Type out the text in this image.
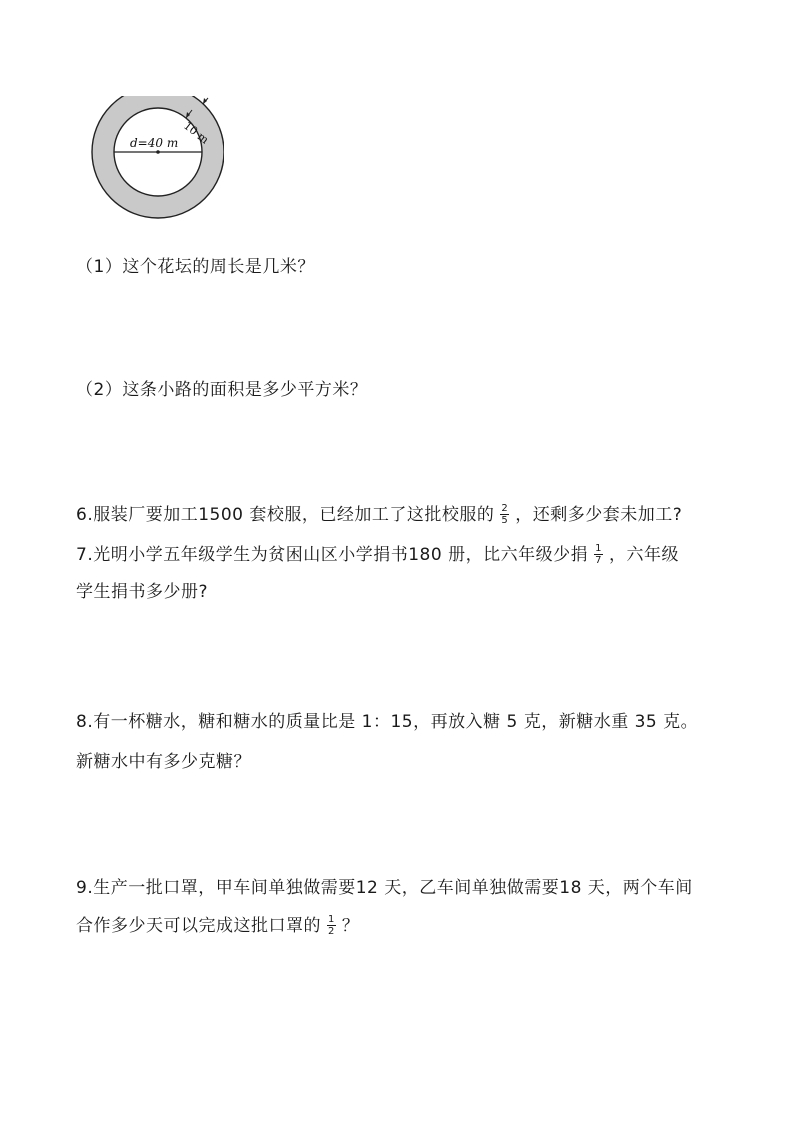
d=40 m 10 m
（1）这个花坛的周长是几米？
（2）这条小路的面积是多少平方米？
6.服装厂要加工1500 套校服，已经加工了这批校服的 $\frac{2}{5}$ ，还剩多少套未加工?
7.光明小学五年级学生为贫困山区小学捐书180 册，比六年级少捐 $\frac{1}{7}$ ，六年级
学生捐书多少册?
8.有一杯糖水，糖和糖水的质量比是 1：15，再放入糖 5 克，新糖水重 35 克。
新糖水中有多少克糖？
9.生产一批口罩，甲车间单独做需要12 天，乙车间单独做需要18 天，两个车间
合作多少天可以完成这批口罩的 $\frac{1}{2}$ ？
